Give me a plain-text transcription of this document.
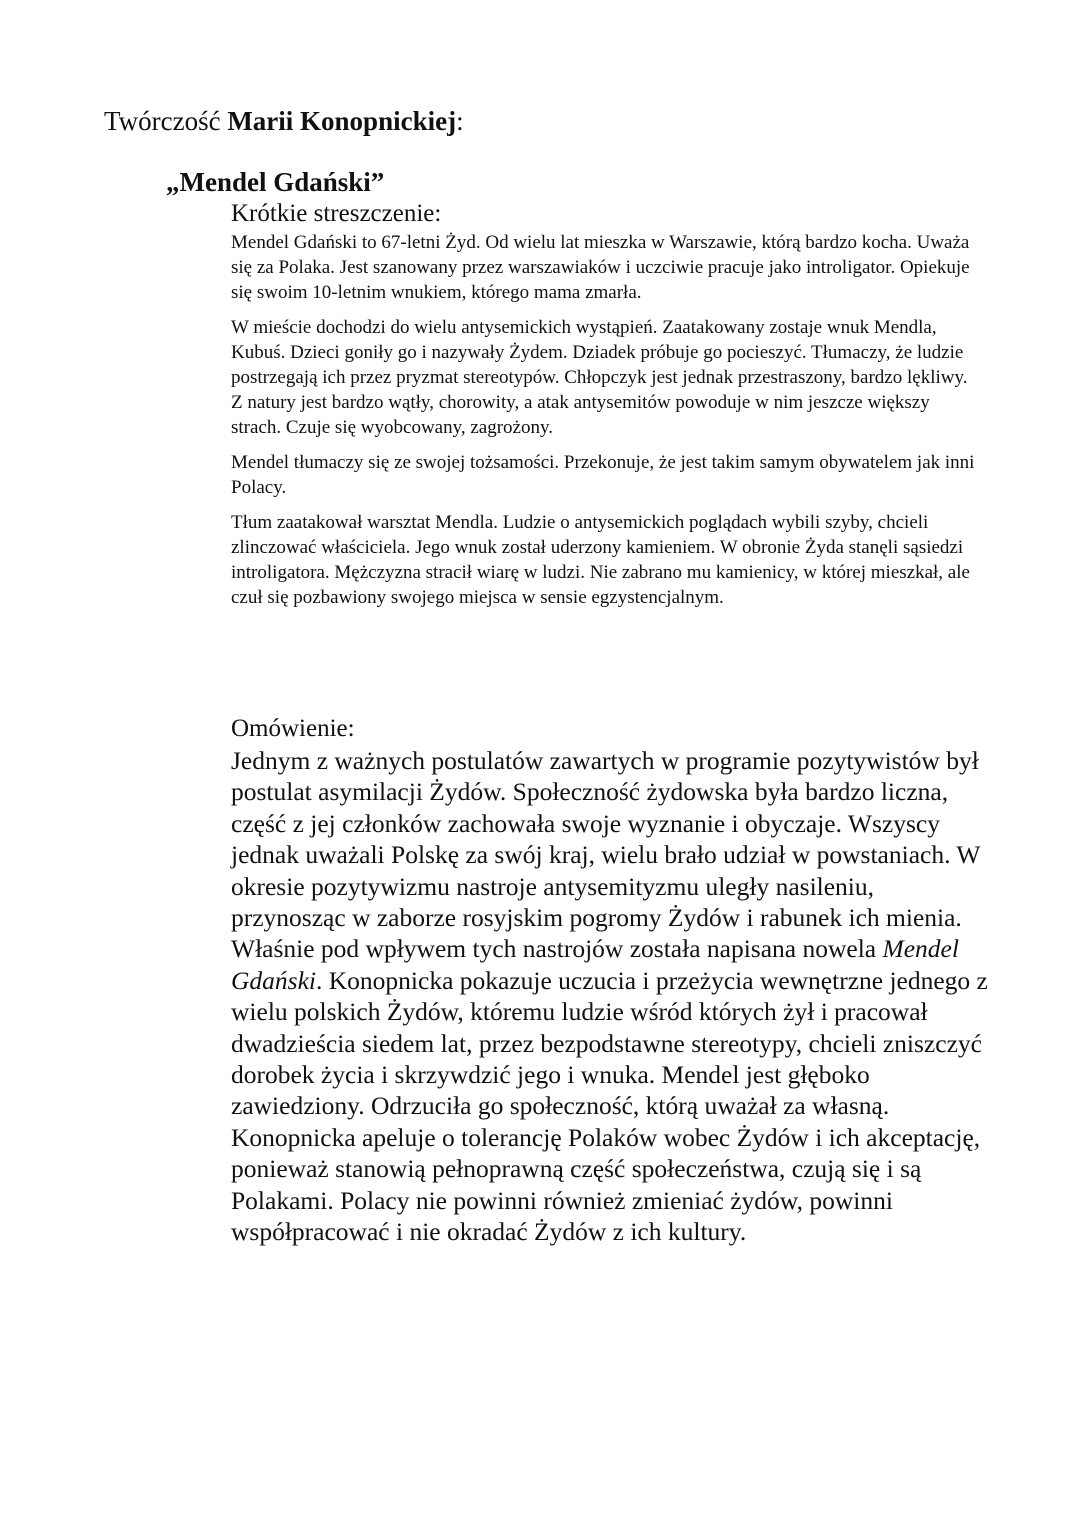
Twórczość Marii Konopnickiej:
„Mendel Gdański”
Krótkie streszczenie:

Mendel Gdański to 67-letni Żyd. Od wielu lat mieszka w Warszawie, którą bardzo kocha. Uważa się za Polaka. Jest szanowany przez warszawiaków i uczciwie pracuje jako introligator. Opiekuje się swoim 10-letnim wnukiem, którego mama zmarła.

W mieście dochodzi do wielu antysemickich wystąpień. Zaatakowany zostaje wnuk Mendla, Kubuś. Dzieci goniły go i nazywały Żydem. Dziadek próbuje go pocieszyć. Tłumaczy, że ludzie postrzegają ich przez pryzmat stereotypów. Chłopczyk jest jednak przestraszony, bardzo lękliwy. Z natury jest bardzo wątły, chorowity, a atak antysemitów powoduje w nim jeszcze większy strach. Czuje się wyobcowany, zagrożony.

Mendel tłumaczy się ze swojej tożsamości. Przekonuje, że jest takim samym obywatelem jak inni Polacy.

Tłum zaatakował warsztat Mendla. Ludzie o antysemickich poglądach wybili szyby, chcieli zlinczować właściciela. Jego wnuk został uderzony kamieniem. W obronie Żyda stanęli sąsiedzi introligatora. Mężczyzna stracił wiarę w ludzi. Nie zabrano mu kamienicy, w której mieszkał, ale czuł się pozbawiony swojego miejsca w sensie egzystencjalnym.

Omówienie:

Jednym z ważnych postulatów zawartych w programie pozytywistów był postulat asymilacji Żydów. Społeczność żydowska była bardzo liczna, część z jej członków zachowała swoje wyznanie i obyczaje. Wszyscy jednak uważali Polskę za swój kraj, wielu brało udział w powstaniach. W okresie pozytywizmu nastroje antysemityzmu uległy nasileniu, przynosząc w zaborze rosyjskim pogromy Żydów i rabunek ich mienia. Właśnie pod wpływem tych nastrojów została napisana nowela Mendel Gdański. Konopnicka pokazuje uczucia i przeżycia wewnętrzne jednego z wielu polskich Żydów, któremu ludzie wśród których żył i pracował dwadzieścia siedem lat, przez bezpodstawne stereotypy, chcieli zniszczyć dorobek życia i skrzywdzić jego i wnuka. Mendel jest głęboko zawiedziony. Odrzuciła go społeczność, którą uważał za własną. Konopnicka apeluje o tolerancję Polaków wobec Żydów i ich akceptację, ponieważ stanowią pełnoprawną część społeczeństwa, czują się i są Polakami. Polacy nie powinni również zmieniać żydów, powinni współpracować i nie okradać Żydów z ich kultury.
